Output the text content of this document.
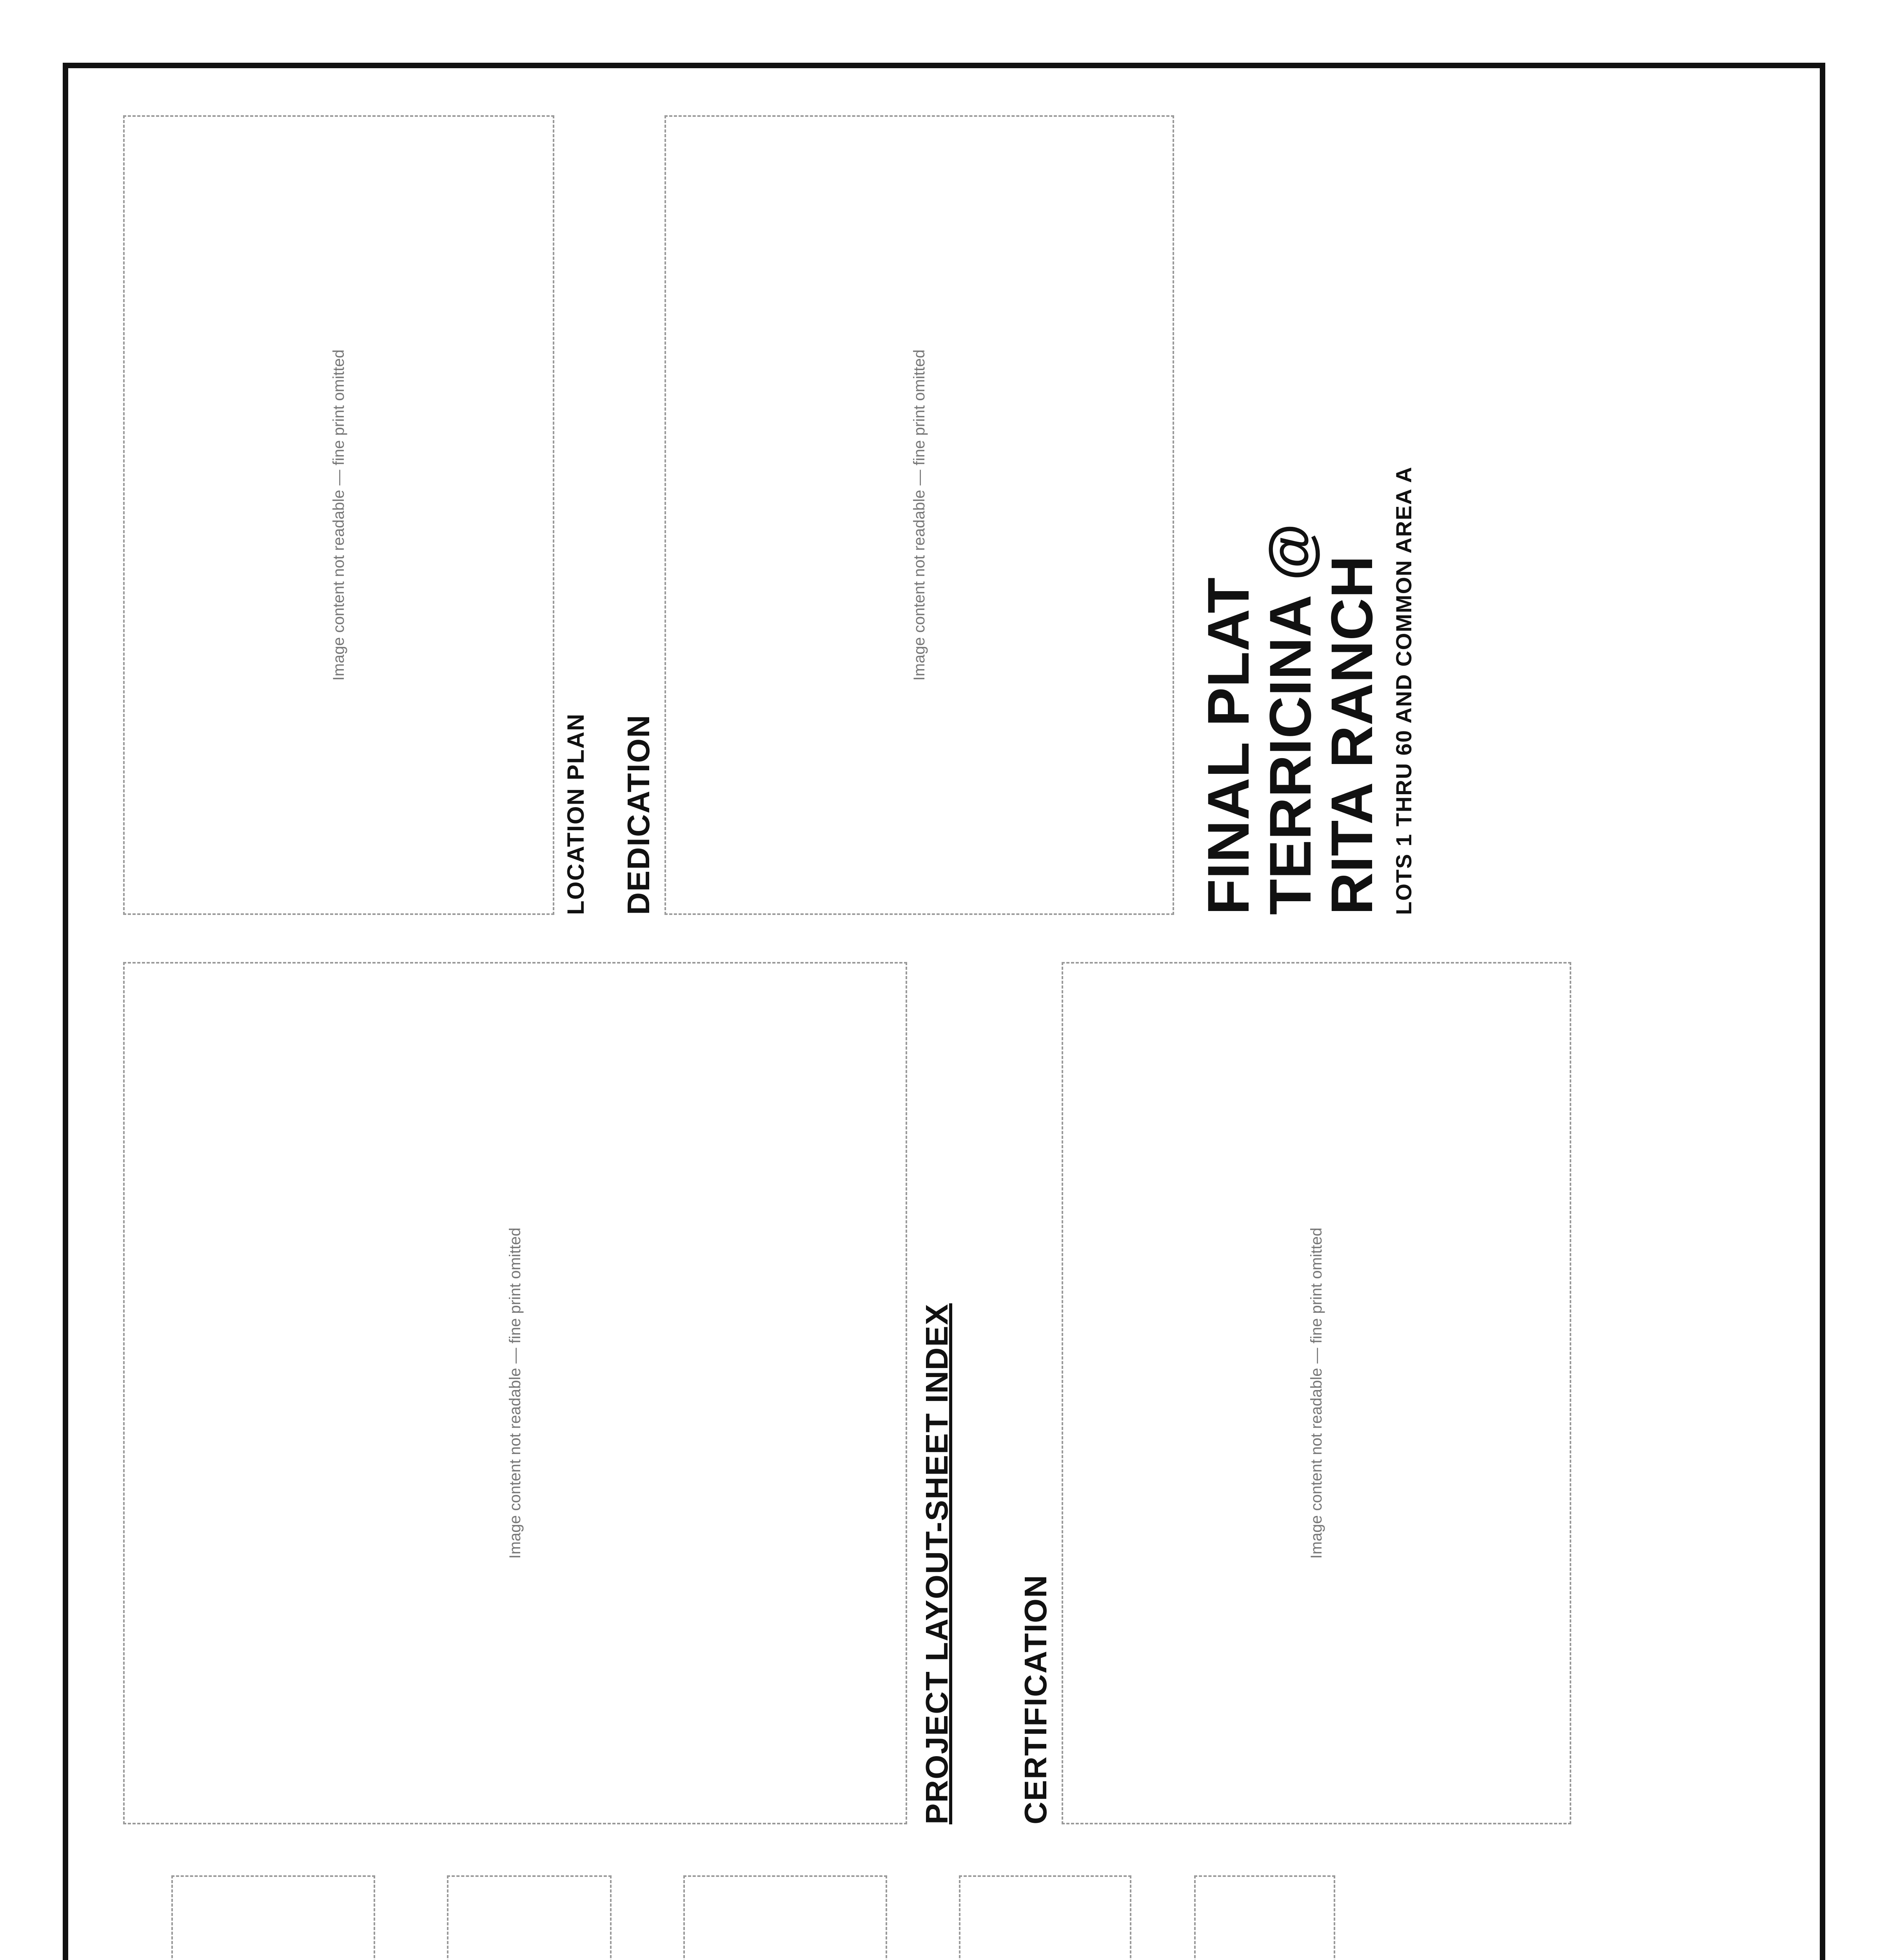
Image content not readable — fine print omitted	PROJECT LAYOUT-SHEET INDEX CERTIFICATION
Image content not readable — fine print omitted
Image content not readable — fine print omitted
LOCATION PLAN DEDICATION
Image content not readable — fine print omitted
FINAL PLAT
TERRICINA @
RITA RANCH LOTS 1 THRU 60 AND COMMON AREA A
